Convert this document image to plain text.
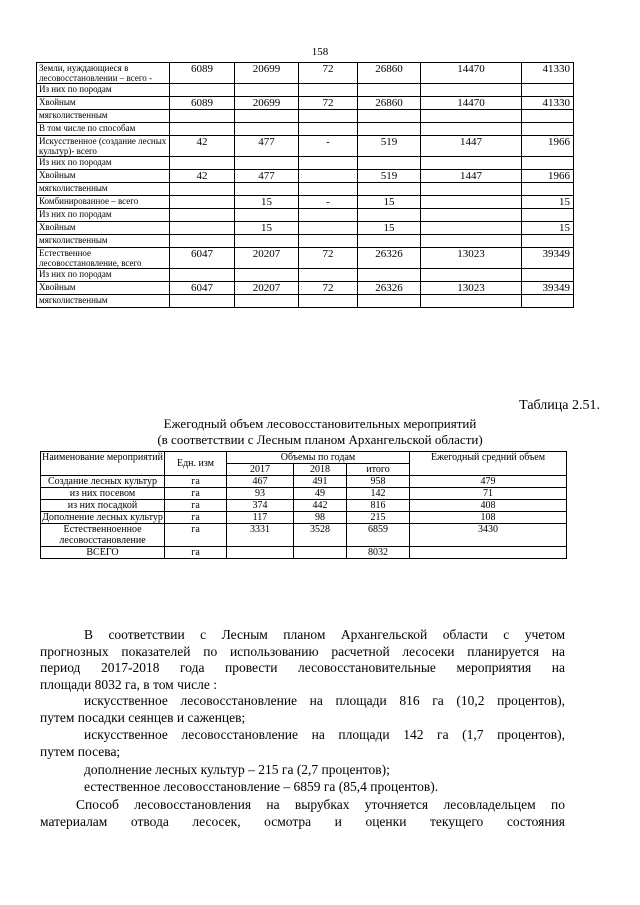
158
Земли, нуждающиеся в лесовосстановлении – всего -	6089	20699	72	26860	14470	41330
Из них по породам						
Хвойным	6089	20699	72	26860	14470	41330
мягколиственным						
В том числе по способам						
Искусственное (создание лесных культур)- всего	42	477	-	519	1447	1966
Из них по породам						
Хвойным	42	477		519	1447	1966
мягколиственным						
Комбинированное – всего		15	-	15		15
Из них по породам						
Хвойным		15		15		15
мягколиственным						
Естественное лесовосстановление, всего	6047	20207	72	26326	13023	39349
Из них по породам						
Хвойным	6047	20207	72	26326	13023	39349
мягколиственным						
Таблица 2.51.
Ежегодный объем лесовосстановительных мероприятий
(в соответствии с Лесным планом Архангельской области)
Наименование мероприятий	Едн. изм	Объемы по годам			Ежегодный средний объем
		2017	2018	итого	
Создание лесных культур	га	467	491	958	479
из них посевом	га	93	49	142	71
из них посадкой	га	374	442	816	408
Дополнение лесных культур	га	117	98	215	108
Естественноенное лесовосстановление	га	3331	3528	6859	3430
ВСЕГО	га			8032	
В соответствии с Лесным планом Архангельской области с учетом
прогнозных показателей по использованию расчетной лесосеки планируется на
период 2017-2018 года провести лесовосстановительные мероприятия на
площади 8032 га, в том числе :
искусственное лесовосстановление на площади 816 га (10,2 процентов),
путем посадки сеянцев и саженцев;
искусственное лесовосстановление на площади 142 га (1,7 процентов),
путем посева;
дополнение лесных культур – 215 га (2,7 процентов);
естественное лесовосстановление – 6859 га (85,4 процентов).
Способ лесовосстановления на вырубках уточняется лесовладельцем по
материалам отвода лесосек, осмотра и оценки текущего состояния
